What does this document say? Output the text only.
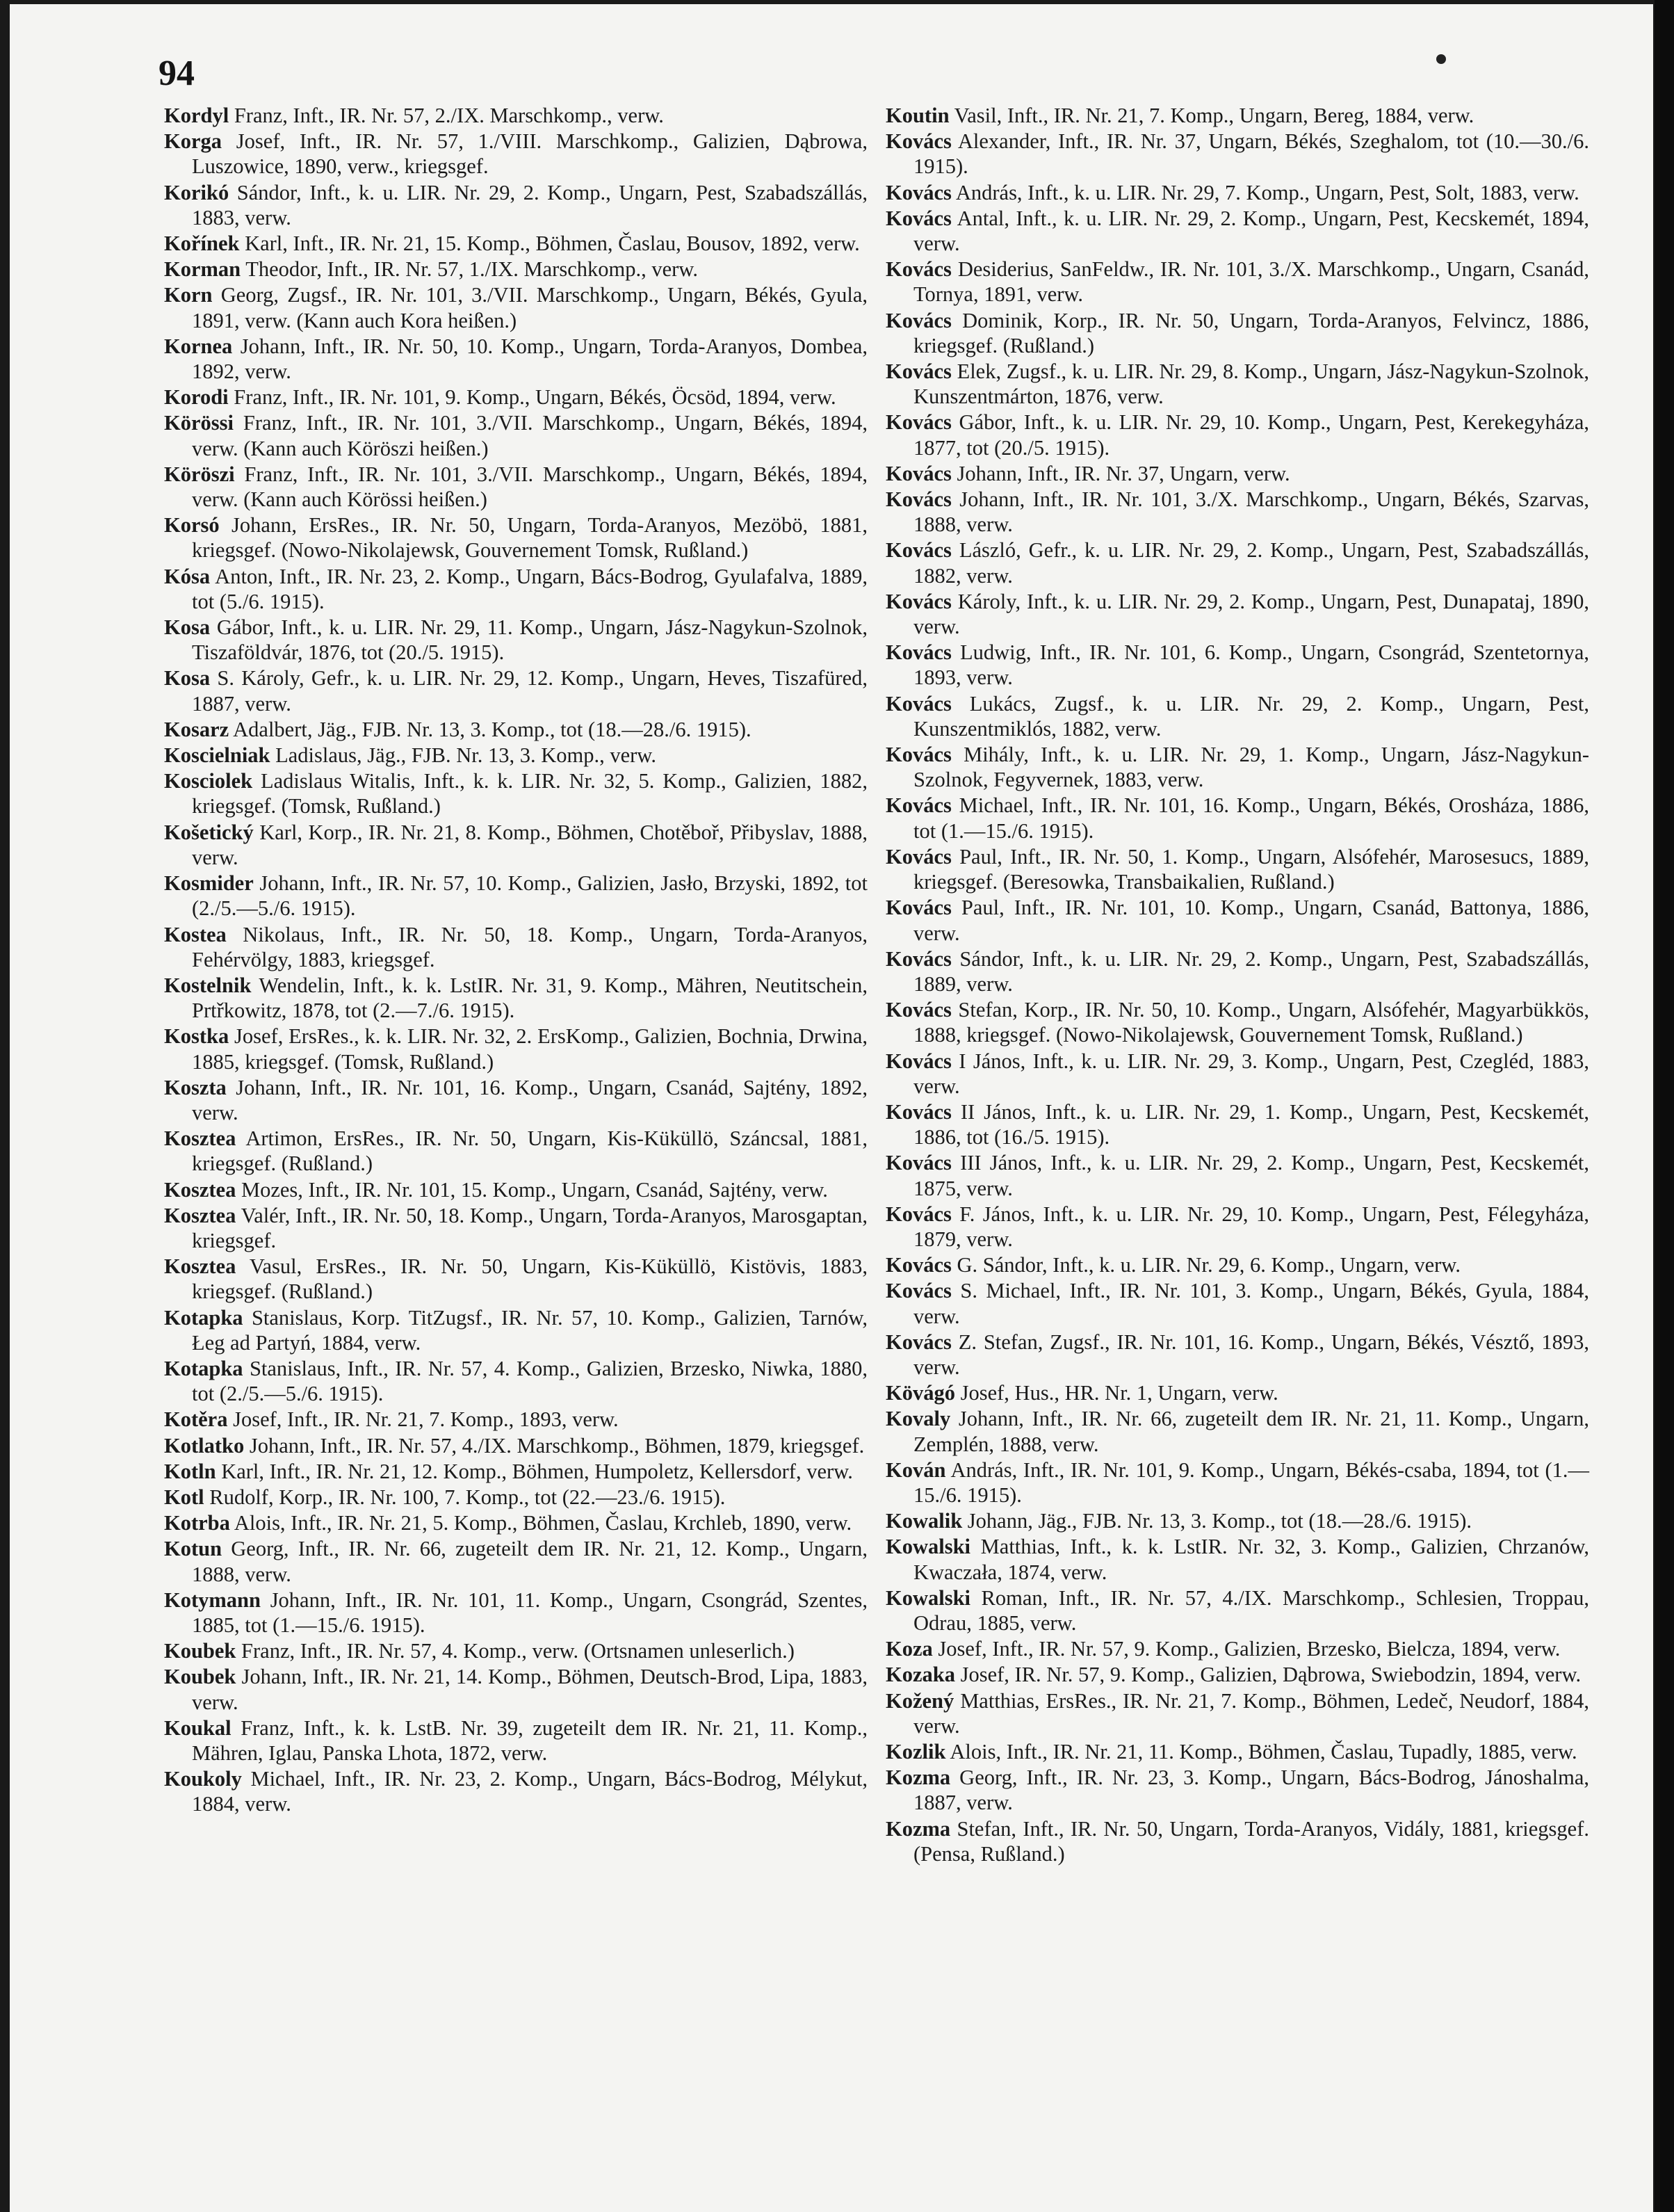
94

Kordyl Franz, Inft., IR. Nr. 57, 2./IX. Marschkomp., verw.

Korga Josef, Inft., IR. Nr. 57, 1./VIII. Marschkomp., Galizien, Dąbrowa, Luszowice, 1890, verw., kriegsgef.

Korikó Sándor, Inft., k. u. LIR. Nr. 29, 2. Komp., Ungarn, Pest, Szabadszállás, 1883, verw.

Kořínek Karl, Inft., IR. Nr. 21, 15. Komp., Böhmen, Časlau, Bousov, 1892, verw.

Korman Theodor, Inft., IR. Nr. 57, 1./IX. Marschkomp., verw.

Korn Georg, Zugsf., IR. Nr. 101, 3./VII. Marschkomp., Ungarn, Békés, Gyula, 1891, verw. (Kann auch Kora heißen.)

Kornea Johann, Inft., IR. Nr. 50, 10. Komp., Ungarn, Torda-Aranyos, Dombea, 1892, verw.

Korodi Franz, Inft., IR. Nr. 101, 9. Komp., Ungarn, Békés, Öcsöd, 1894, verw.

Körössi Franz, Inft., IR. Nr. 101, 3./VII. Marschkomp., Ungarn, Békés, 1894, verw. (Kann auch Köröszi heißen.)

Köröszi Franz, Inft., IR. Nr. 101, 3./VII. Marschkomp., Ungarn, Békés, 1894, verw. (Kann auch Körössi heißen.)

Korsó Johann, ErsRes., IR. Nr. 50, Ungarn, Torda-Aranyos, Mezöbö, 1881, kriegsgef. (Nowo-Nikolajewsk, Gouvernement Tomsk, Rußland.)

Kósa Anton, Inft., IR. Nr. 23, 2. Komp., Ungarn, Bács-Bodrog, Gyulafalva, 1889, tot (5./6. 1915).

Kosa Gábor, Inft., k. u. LIR. Nr. 29, 11. Komp., Ungarn, Jász-Nagykun-Szolnok, Tiszaföldvár, 1876, tot (20./5. 1915).

Kosa S. Károly, Gefr., k. u. LIR. Nr. 29, 12. Komp., Ungarn, Heves, Tiszafüred, 1887, verw.

Kosarz Adalbert, Jäg., FJB. Nr. 13, 3. Komp., tot (18.—28./6. 1915).

Koscielniak Ladislaus, Jäg., FJB. Nr. 13, 3. Komp., verw.

Kosciolek Ladislaus Witalis, Inft., k. k. LIR. Nr. 32, 5. Komp., Galizien, 1882, kriegsgef. (Tomsk, Rußland.)

Košetický Karl, Korp., IR. Nr. 21, 8. Komp., Böhmen, Chotěboř, Přibyslav, 1888, verw.

Kosmider Johann, Inft., IR. Nr. 57, 10. Komp., Galizien, Jasło, Brzyski, 1892, tot (2./5.—5./6. 1915).

Kostea Nikolaus, Inft., IR. Nr. 50, 18. Komp., Ungarn, Torda-Aranyos, Fehérvölgy, 1883, kriegsgef.

Kostelnik Wendelin, Inft., k. k. LstIR. Nr. 31, 9. Komp., Mähren, Neutitschein, Prtřkowitz, 1878, tot (2.—7./6. 1915).

Kostka Josef, ErsRes., k. k. LIR. Nr. 32, 2. ErsKomp., Galizien, Bochnia, Drwina, 1885, kriegsgef. (Tomsk, Rußland.)

Koszta Johann, Inft., IR. Nr. 101, 16. Komp., Ungarn, Csanád, Sajtény, 1892, verw.

Kosztea Artimon, ErsRes., IR. Nr. 50, Ungarn, Kis-Küküllö, Száncsal, 1881, kriegsgef. (Rußland.)

Kosztea Mozes, Inft., IR. Nr. 101, 15. Komp., Ungarn, Csanád, Sajtény, verw.

Kosztea Valér, Inft., IR. Nr. 50, 18. Komp., Ungarn, Torda-Aranyos, Marosgaptan, kriegsgef.

Kosztea Vasul, ErsRes., IR. Nr. 50, Ungarn, Kis-Küküllö, Kistövis, 1883, kriegsgef. (Rußland.)

Kotapka Stanislaus, Korp. TitZugsf., IR. Nr. 57, 10. Komp., Galizien, Tarnów, Łeg ad Partyń, 1884, verw.

Kotapka Stanislaus, Inft., IR. Nr. 57, 4. Komp., Galizien, Brzesko, Niwka, 1880, tot (2./5.—5./6. 1915).

Kotěra Josef, Inft., IR. Nr. 21, 7. Komp., 1893, verw.

Kotlatko Johann, Inft., IR. Nr. 57, 4./IX. Marschkomp., Böhmen, 1879, kriegsgef.

Kotln Karl, Inft., IR. Nr. 21, 12. Komp., Böhmen, Humpoletz, Kellersdorf, verw.

Kotl Rudolf, Korp., IR. Nr. 100, 7. Komp., tot (22.—23./6. 1915).

Kotrba Alois, Inft., IR. Nr. 21, 5. Komp., Böhmen, Časlau, Krchleb, 1890, verw.

Kotun Georg, Inft., IR. Nr. 66, zugeteilt dem IR. Nr. 21, 12. Komp., Ungarn, 1888, verw.

Kotymann Johann, Inft., IR. Nr. 101, 11. Komp., Ungarn, Csongrád, Szentes, 1885, tot (1.—15./6. 1915).

Koubek Franz, Inft., IR. Nr. 57, 4. Komp., verw. (Ortsnamen unleserlich.)

Koubek Johann, Inft., IR. Nr. 21, 14. Komp., Böhmen, Deutsch-Brod, Lipa, 1883, verw.

Koukal Franz, Inft., k. k. LstB. Nr. 39, zugeteilt dem IR. Nr. 21, 11. Komp., Mähren, Iglau, Panska Lhota, 1872, verw.

Koukoly Michael, Inft., IR. Nr. 23, 2. Komp., Ungarn, Bács-Bodrog, Mélykut, 1884, verw.

Koutin Vasil, Inft., IR. Nr. 21, 7. Komp., Ungarn, Bereg, 1884, verw.

Kovács Alexander, Inft., IR. Nr. 37, Ungarn, Békés, Szeghalom, tot (10.—30./6. 1915).

Kovács András, Inft., k. u. LIR. Nr. 29, 7. Komp., Ungarn, Pest, Solt, 1883, verw.

Kovács Antal, Inft., k. u. LIR. Nr. 29, 2. Komp., Ungarn, Pest, Kecskemét, 1894, verw.

Kovács Desiderius, SanFeldw., IR. Nr. 101, 3./X. Marschkomp., Ungarn, Csanád, Tornya, 1891, verw.

Kovács Dominik, Korp., IR. Nr. 50, Ungarn, Torda-Aranyos, Felvincz, 1886, kriegsgef. (Rußland.)

Kovács Elek, Zugsf., k. u. LIR. Nr. 29, 8. Komp., Ungarn, Jász-Nagykun-Szolnok, Kunszentmárton, 1876, verw.

Kovács Gábor, Inft., k. u. LIR. Nr. 29, 10. Komp., Ungarn, Pest, Kerekegyháza, 1877, tot (20./5. 1915).

Kovács Johann, Inft., IR. Nr. 37, Ungarn, verw.

Kovács Johann, Inft., IR. Nr. 101, 3./X. Marschkomp., Ungarn, Békés, Szarvas, 1888, verw.

Kovács László, Gefr., k. u. LIR. Nr. 29, 2. Komp., Ungarn, Pest, Szabadszállás, 1882, verw.

Kovács Károly, Inft., k. u. LIR. Nr. 29, 2. Komp., Ungarn, Pest, Dunapataj, 1890, verw.

Kovács Ludwig, Inft., IR. Nr. 101, 6. Komp., Ungarn, Csongrád, Szentetornya, 1893, verw.

Kovács Lukács, Zugsf., k. u. LIR. Nr. 29, 2. Komp., Ungarn, Pest, Kunszentmiklós, 1882, verw.

Kovács Mihály, Inft., k. u. LIR. Nr. 29, 1. Komp., Ungarn, Jász-Nagykun-Szolnok, Fegyvernek, 1883, verw.

Kovács Michael, Inft., IR. Nr. 101, 16. Komp., Ungarn, Békés, Orosháza, 1886, tot (1.—15./6. 1915).

Kovács Paul, Inft., IR. Nr. 50, 1. Komp., Ungarn, Alsófehér, Marosesucs, 1889, kriegsgef. (Beresowka, Transbaikalien, Rußland.)

Kovács Paul, Inft., IR. Nr. 101, 10. Komp., Ungarn, Csanád, Battonya, 1886, verw.

Kovács Sándor, Inft., k. u. LIR. Nr. 29, 2. Komp., Ungarn, Pest, Szabadszállás, 1889, verw.

Kovács Stefan, Korp., IR. Nr. 50, 10. Komp., Ungarn, Alsófehér, Magyarbükkös, 1888, kriegsgef. (Nowo-Nikolajewsk, Gouvernement Tomsk, Rußland.)

Kovács I János, Inft., k. u. LIR. Nr. 29, 3. Komp., Ungarn, Pest, Czegléd, 1883, verw.

Kovács II János, Inft., k. u. LIR. Nr. 29, 1. Komp., Ungarn, Pest, Kecskemét, 1886, tot (16./5. 1915).

Kovács III János, Inft., k. u. LIR. Nr. 29, 2. Komp., Ungarn, Pest, Kecskemét, 1875, verw.

Kovács F. János, Inft., k. u. LIR. Nr. 29, 10. Komp., Ungarn, Pest, Félegyháza, 1879, verw.

Kovács G. Sándor, Inft., k. u. LIR. Nr. 29, 6. Komp., Ungarn, verw.

Kovács S. Michael, Inft., IR. Nr. 101, 3. Komp., Ungarn, Békés, Gyula, 1884, verw.

Kovács Z. Stefan, Zugsf., IR. Nr. 101, 16. Komp., Ungarn, Békés, Vésztő, 1893, verw.

Kövágó Josef, Hus., HR. Nr. 1, Ungarn, verw.

Kovaly Johann, Inft., IR. Nr. 66, zugeteilt dem IR. Nr. 21, 11. Komp., Ungarn, Zemplén, 1888, verw.

Kován András, Inft., IR. Nr. 101, 9. Komp., Ungarn, Békés-csaba, 1894, tot (1.—15./6. 1915).

Kowalik Johann, Jäg., FJB. Nr. 13, 3. Komp., tot (18.—28./6. 1915).

Kowalski Matthias, Inft., k. k. LstIR. Nr. 32, 3. Komp., Galizien, Chrzanów, Kwaczała, 1874, verw.

Kowalski Roman, Inft., IR. Nr. 57, 4./IX. Marschkomp., Schlesien, Troppau, Odrau, 1885, verw.

Koza Josef, Inft., IR. Nr. 57, 9. Komp., Galizien, Brzesko, Bielcza, 1894, verw.

Kozaka Josef, IR. Nr. 57, 9. Komp., Galizien, Dąbrowa, Swiebodzin, 1894, verw.

Kožený Matthias, ErsRes., IR. Nr. 21, 7. Komp., Böhmen, Ledeč, Neudorf, 1884, verw.

Kozlik Alois, Inft., IR. Nr. 21, 11. Komp., Böhmen, Časlau, Tupadly, 1885, verw.

Kozma Georg, Inft., IR. Nr. 23, 3. Komp., Ungarn, Bács-Bodrog, Jánoshalma, 1887, verw.

Kozma Stefan, Inft., IR. Nr. 50, Ungarn, Torda-Aranyos, Vidály, 1881, kriegsgef. (Pensa, Rußland.)
